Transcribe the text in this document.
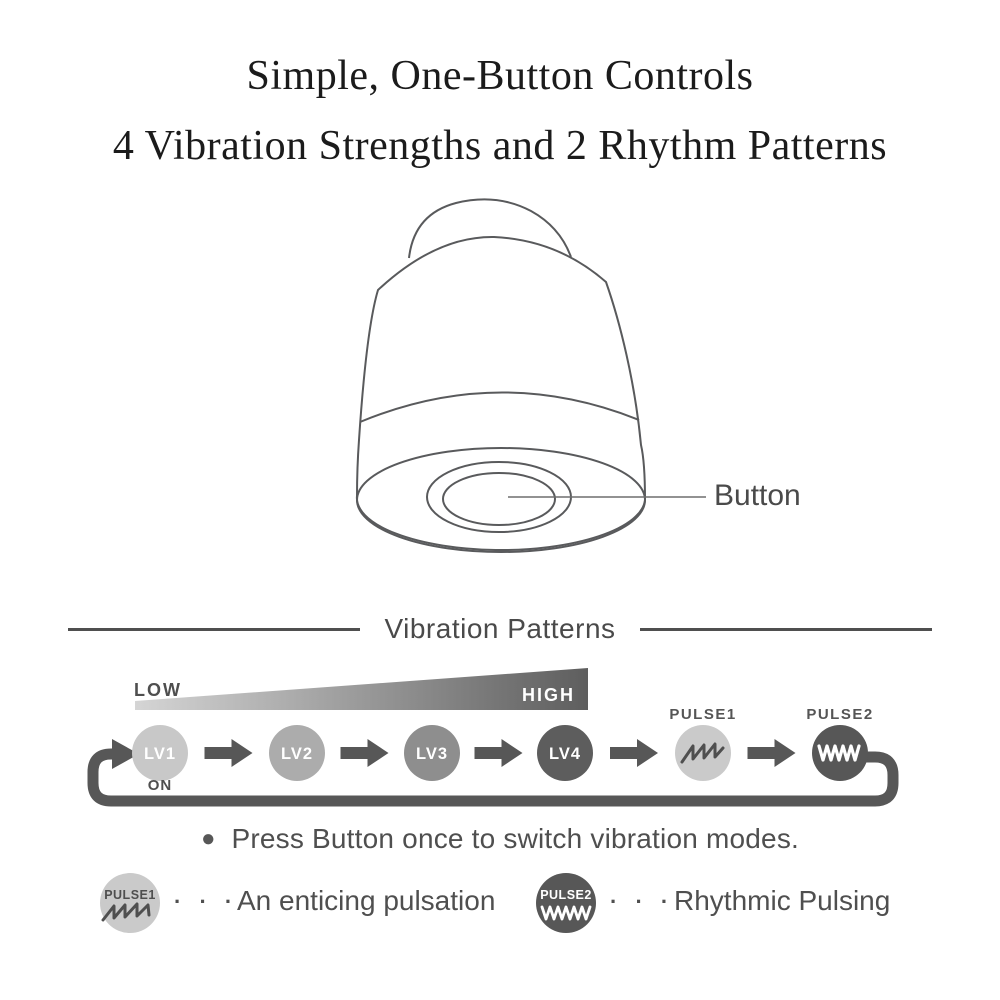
Simple, One-Button Controls
4 Vibration Strengths and 2 Rhythm Patterns
Button
Vibration Patterns
LOW	HIGH
LV1	LV2	LV3	LV4
ON
PULSE1	PULSE2
● Press Button once to switch vibration modes.
PULSE1 · · · An enticing pulsation	PULSE2 · · · Rhythmic Pulsing
